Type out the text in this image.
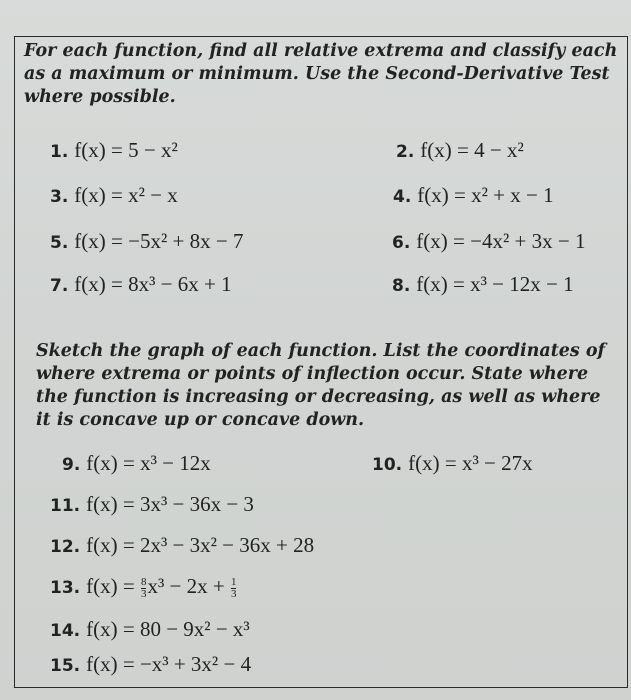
For each function, find all relative extrema and classify each as a maximum or minimum. Use the Second-Derivative Test where possible.
1. f(x) = 5 − x²	2. f(x) = 4 − x²
3. f(x) = x² − x	4. f(x) = x² + x − 1
5. f(x) = −5x² + 8x − 7	6. f(x) = −4x² + 3x − 1
7. f(x) = 8x³ − 6x + 1	8. f(x) = x³ − 12x − 1
Sketch the graph of each function. List the coordinates of where extrema or points of inflection occur. State where the function is increasing or decreasing, as well as where it is concave up or concave down.
9. f(x) = x³ − 12x	10. f(x) = x³ − 27x
11. f(x) = 3x³ − 36x − 3
12. f(x) = 2x³ − 3x² − 36x + 28
13. $f(x) = \frac{8}{3} x^3 - 2x + \frac{1}{3}$
14. f(x) = 80 − 9x² − x³
15. f(x) = −x³ + 3x² − 4
